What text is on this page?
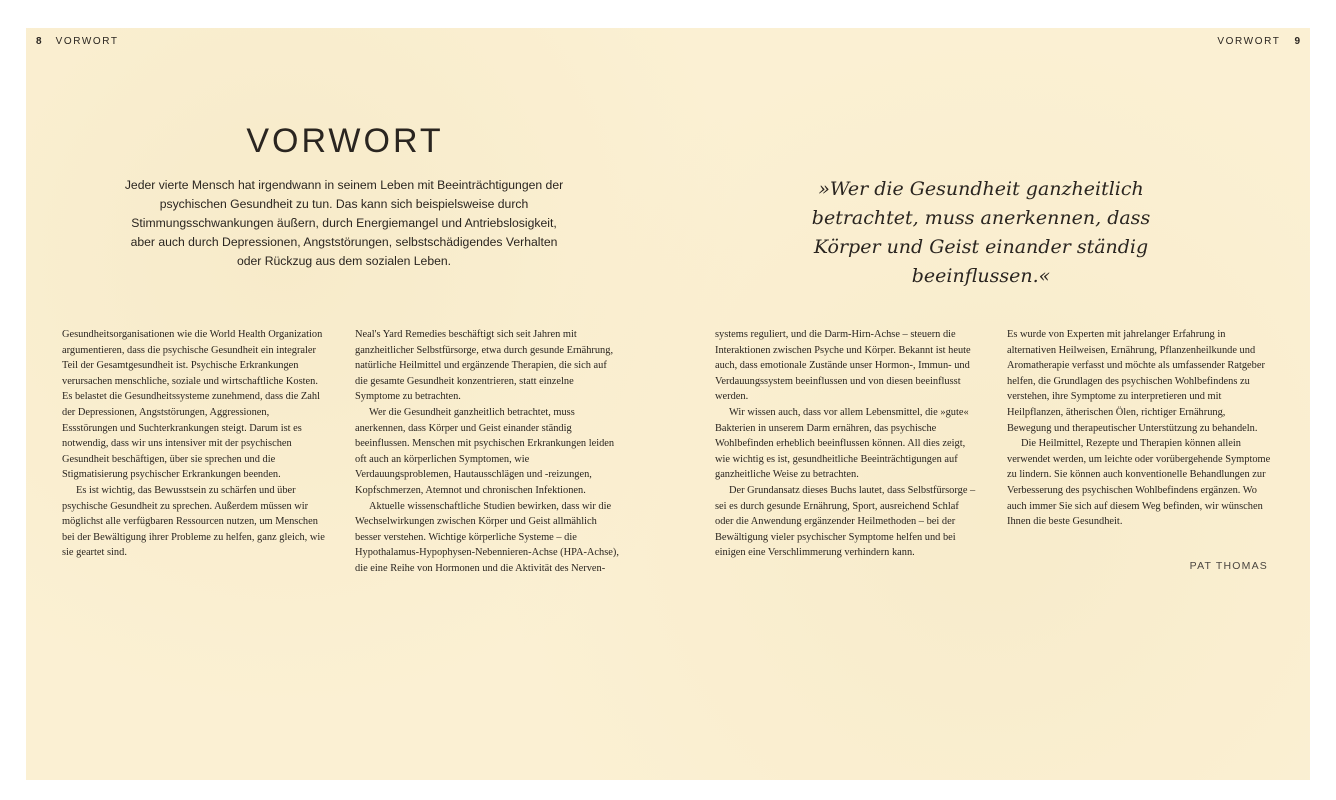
8 VORWORT	VORWORT 9
VORWORT
Jeder vierte Mensch hat irgendwann in seinem Leben mit Beeinträchtigungen der psychischen Gesundheit zu tun. Das kann sich beispielsweise durch Stimmungsschwankungen äußern, durch Energiemangel und Antriebslosigkeit, aber auch durch Depressionen, Angststörungen, selbstschädigendes Verhalten oder Rückzug aus dem sozialen Leben.
»Wer die Gesundheit ganzheitlich betrachtet, muss anerkennen, dass Körper und Geist einander ständig beeinflussen.«

Gesundheitsorganisationen wie die World Health Organization argumentieren, dass die psychische Gesundheit ein integraler Teil der Gesamtgesundheit ist. Psychische Erkrankungen verursachen menschliche, soziale und wirtschaftliche Kosten. Es belastet die Gesundheitssysteme zunehmend, dass die Zahl der Depressionen, Angststörungen, Aggressionen, Essstörungen und Suchterkrankungen steigt. Darum ist es notwendig, dass wir uns intensiver mit der psychischen Gesundheit beschäftigen, über sie sprechen und die Stigmatisierung psychischer Erkrankungen beenden.

Es ist wichtig, das Bewusstsein zu schärfen und über psychische Gesundheit zu sprechen. Außerdem müssen wir möglichst alle verfügbaren Ressourcen nutzen, um Menschen bei der Bewältigung ihrer Probleme zu helfen, ganz gleich, wie sie geartet sind.

Neal's Yard Remedies beschäftigt sich seit Jahren mit ganzheitlicher Selbstfürsorge, etwa durch gesunde Ernährung, natürliche Heilmittel und ergänzende Therapien, die sich auf die gesamte Gesundheit konzentrieren, statt einzelne Symptome zu betrachten.

Wer die Gesundheit ganzheitlich betrachtet, muss anerkennen, dass Körper und Geist einander ständig beeinflussen. Menschen mit psychischen Erkrankungen leiden oft auch an körperlichen Symptomen, wie Verdauungsproblemen, Hautausschlägen und -reizungen, Kopfschmerzen, Atemnot und chronischen Infektionen.

Aktuelle wissenschaftliche Studien bewirken, dass wir die Wechselwirkungen zwischen Körper und Geist allmählich besser verstehen. Wichtige körperliche Systeme – die Hypothalamus-Hypophysen-Nebennieren-Achse (HPA-Achse), die eine Reihe von Hormonen und die Aktivität des Nerven-

systems reguliert, und die Darm-Hirn-Achse – steuern die Interaktionen zwischen Psyche und Körper. Bekannt ist heute auch, dass emotionale Zustände unser Hormon-, Immun- und Verdauungssystem beeinflussen und von diesen beeinflusst werden.

Wir wissen auch, dass vor allem Lebensmittel, die »gute« Bakterien in unserem Darm ernähren, das psychische Wohlbefinden erheblich beeinflussen können. All dies zeigt, wie wichtig es ist, gesundheitliche Beeinträchtigungen auf ganzheitliche Weise zu betrachten.

Der Grundansatz dieses Buchs lautet, dass Selbstfürsorge – sei es durch gesunde Ernährung, Sport, ausreichend Schlaf oder die Anwendung ergänzender Heilmethoden – bei der Bewältigung vieler psychischer Symptome helfen und bei einigen eine Verschlimmerung verhindern kann.

Es wurde von Experten mit jahrelanger Erfahrung in alternativen Heilweisen, Ernährung, Pflanzenheilkunde und Aromatherapie verfasst und möchte als umfassender Ratgeber helfen, die Grundlagen des psychischen Wohlbefindens zu verstehen, ihre Symptome zu interpretieren und mit Heilpflanzen, ätherischen Ölen, richtiger Ernährung, Bewegung und therapeutischer Unterstützung zu behandeln.

Die Heilmittel, Rezepte und Therapien können allein verwendet werden, um leichte oder vorübergehende Symptome zu lindern. Sie können auch konventionelle Behandlungen zur Verbesserung des psychischen Wohlbefindens ergänzen. Wo auch immer Sie sich auf diesem Weg befinden, wir wünschen Ihnen die beste Gesundheit.

PAT THOMAS
